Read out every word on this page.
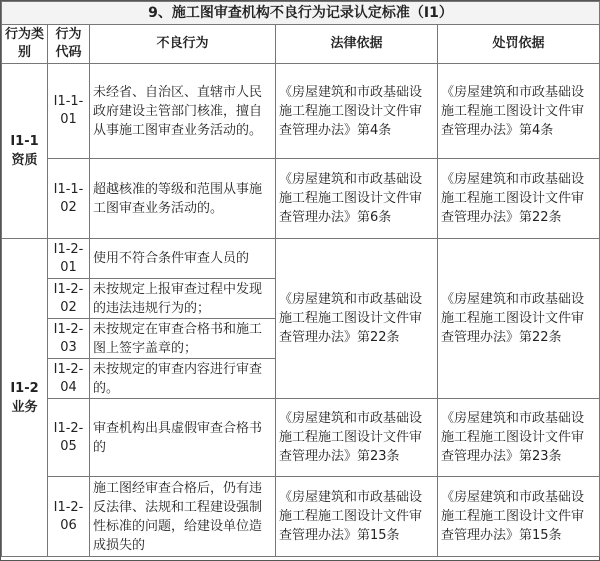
9、施工图审查机构不良行为记录认定标准（I1）				
行为类别	行为代码	不良行为	法律依据	处罚依据

I1-1
资质	I1-1-01	未经省、自治区、直辖市人民政府建设主管部门核准，擅自从事施工图审查业务活动的。	《房屋建筑和市政基础设施工程施工图设计文件审查管理办法》第4条	《房屋建筑和市政基础设施工程施工图设计文件审查管理办法》第4条
	I1-1-02	超越核准的等级和范围从事施工图审查业务活动的。	《房屋建筑和市政基础设施工程施工图设计文件审查管理办法》第6条	《房屋建筑和市政基础设施工程施工图设计文件审查管理办法》第22条

I1-2
业务	I1-2-01	使用不符合条件审查人员的	《房屋建筑和市政基础设施工程施工图设计文件审查管理办法》第22条	《房屋建筑和市政基础设施工程施工图设计文件审查管理办法》第22条
	I1-2-02	未按规定上报审查过程中发现的违法违规行为的；		
	I1-2-03	未按规定在审查合格书和施工图上签字盖章的；		
	I1-2-04	未按规定的审查内容进行审查的。		
	I1-2-05	审查机构出具虚假审查合格书的	《房屋建筑和市政基础设施工程施工图设计文件审查管理办法》第23条	《房屋建筑和市政基础设施工程施工图设计文件审查管理办法》第23条
	I1-2-06	施工图经审查合格后，仍有违反法律、法规和工程建设强制性标准的问题，给建设单位造成损失的	《房屋建筑和市政基础设施工程施工图设计文件审查管理办法》第15条	《房屋建筑和市政基础设施工程施工图设计文件审查管理办法》第15条
